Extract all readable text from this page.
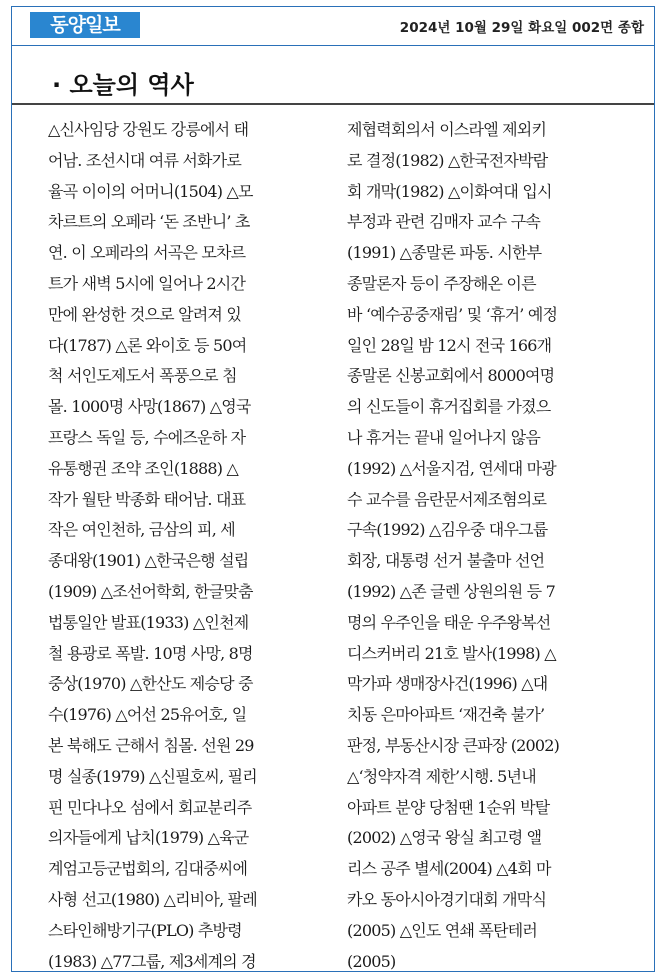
동양일보	2024년 10월 29일 화요일 002면 종합
· 오늘의 역사
△신사임당 강원도 강릉에서 태
어남. 조선시대 여류 서화가로
율곡 이이의 어머니(1504) △모
차르트의 오페라 ‘돈 조반니’ 초
연. 이 오페라의 서곡은 모차르
트가 새벽 5시에 일어나 2시간
만에 완성한 것으로 알려져 있
다(1787) △론 와이호 등 50여
척 서인도제도서 폭풍으로 침
몰. 1000명 사망(1867) △영국
프랑스 독일 등, 수에즈운하 자
유통행권 조약 조인(1888) △
작가 월탄 박종화 태어남. 대표
작은 여인천하, 금삼의 피, 세
종대왕(1901) △한국은행 설립
(1909) △조선어학회, 한글맞춤
법통일안 발표(1933) △인천제
철 용광로 폭발. 10명 사망, 8명
중상(1970) △한산도 제승당 중
수(1976) △어선 25유어호, 일
본 북해도 근해서 침몰. 선원 29
명 실종(1979) △신필호씨, 필리
핀 민다나오 섬에서 회교분리주
의자들에게 납치(1979) △육군
계엄고등군법회의, 김대중씨에
사형 선고(1980) △리비아, 팔레
스타인해방기구(PLO) 추방령
(1983) △77그룹, 제3세계의 경
제협력회의서 이스라엘 제외키
로 결정(1982) △한국전자박람
회 개막(1982) △이화여대 입시
부정과 관련 김매자 교수 구속
(1991) △종말론 파동. 시한부
종말론자 등이 주장해온 이른
바 ‘예수공중재림’ 및 ‘휴거’ 예정
일인 28일 밤 12시 전국 166개
종말론 신봉교회에서 8000여명
의 신도들이 휴거집회를 가졌으
나 휴거는 끝내 일어나지 않음
(1992) △서울지검, 연세대 마광
수 교수를 음란문서제조혐의로
구속(1992) △김우중 대우그룹
회장, 대통령 선거 불출마 선언
(1992) △존 글렌 상원의원 등 7
명의 우주인을 태운 우주왕복선
디스커버리 21호 발사(1998) △
막가파 생매장사건(1996) △대
치동 은마아파트 ‘재건축 불가’
판정, 부동산시장 큰파장 (2002)
△‘청약자격 제한’시행. 5년내
아파트 분양 당첨땐 1순위 박탈
(2002) △영국 왕실 최고령 앨
리스 공주 별세(2004) △4회 마
카오 동아시아경기대회 개막식
(2005) △인도 연쇄 폭탄테러
(2005)
